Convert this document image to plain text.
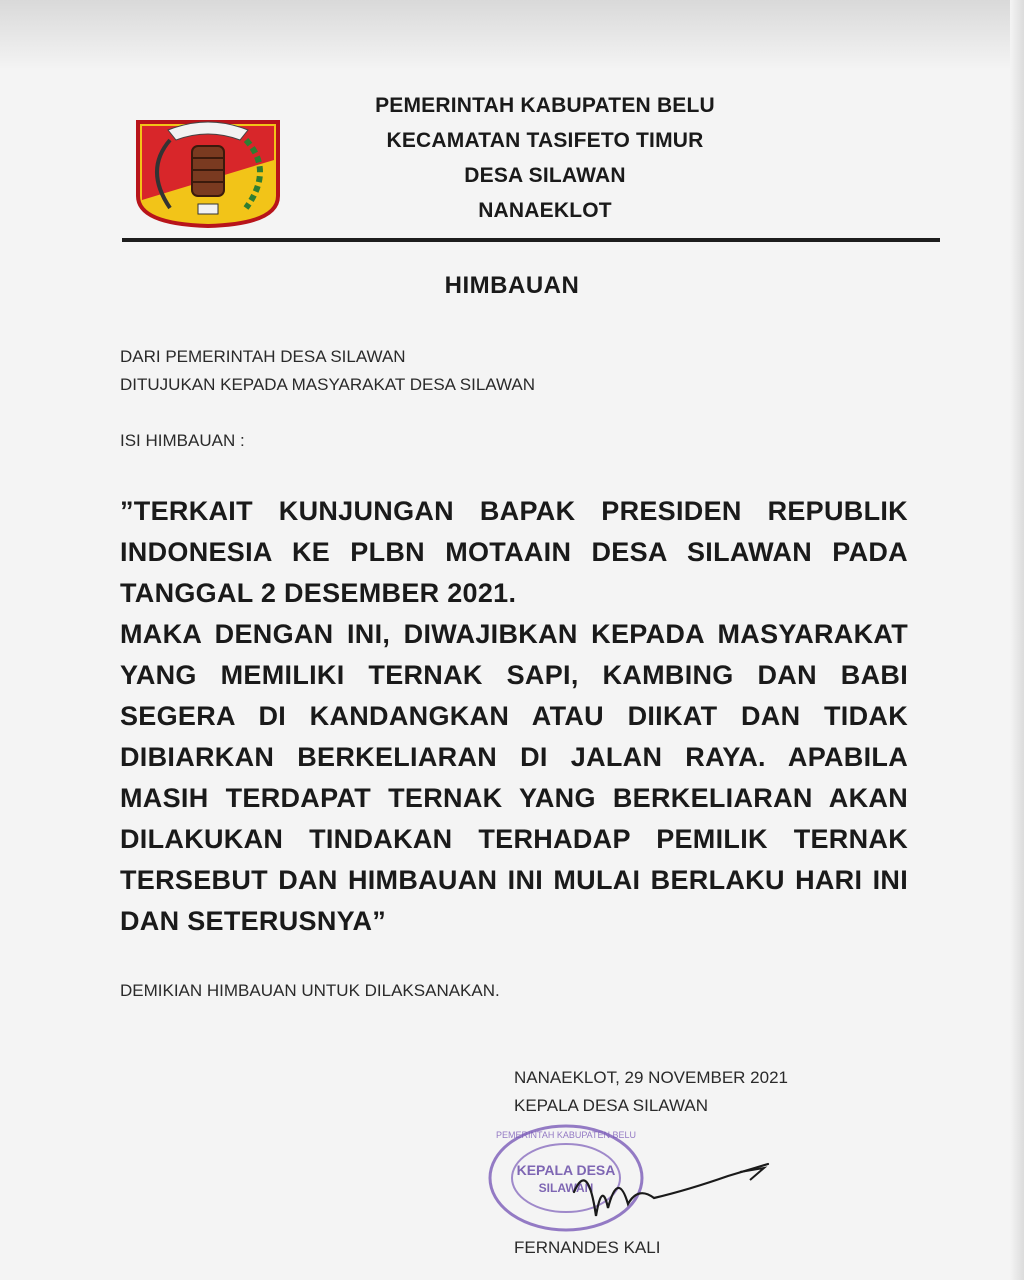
PEMERINTAH KABUPATEN BELU
KECAMATAN TASIFETO TIMUR
DESA SILAWAN
NANAEKLOT
HIMBAUAN
DARI PEMERINTAH DESA SILAWAN
DITUJUKAN KEPADA MASYARAKAT DESA SILAWAN
ISI HIMBAUAN :
”TERKAIT KUNJUNGAN BAPAK PRESIDEN REPUBLIK
INDONESIA KE PLBN MOTAAIN DESA SILAWAN PADA
TANGGAL 2 DESEMBER 2021.
MAKA DENGAN INI, DIWAJIBKAN KEPADA MASYARAKAT
YANG MEMILIKI TERNAK SAPI, KAMBING DAN BABI
SEGERA DI KANDANGKAN ATAU DIIKAT DAN TIDAK
DIBIARKAN BERKELIARAN DI JALAN RAYA. APABILA
MASIH TERDAPAT TERNAK YANG BERKELIARAN AKAN
DILAKUKAN TINDAKAN TERHADAP PEMILIK TERNAK
TERSEBUT DAN HIMBAUAN INI MULAI BERLAKU HARI INI
DAN SETERUSNYA”
DEMIKIAN HIMBAUAN UNTUK DILAKSANAKAN.
NANAEKLOT, 29 NOVEMBER 2021
KEPALA DESA SILAWAN
PEMERINTAH KABUPATEN BELU
KEPALA DESA
SILAWAN
FERNANDES KALI
